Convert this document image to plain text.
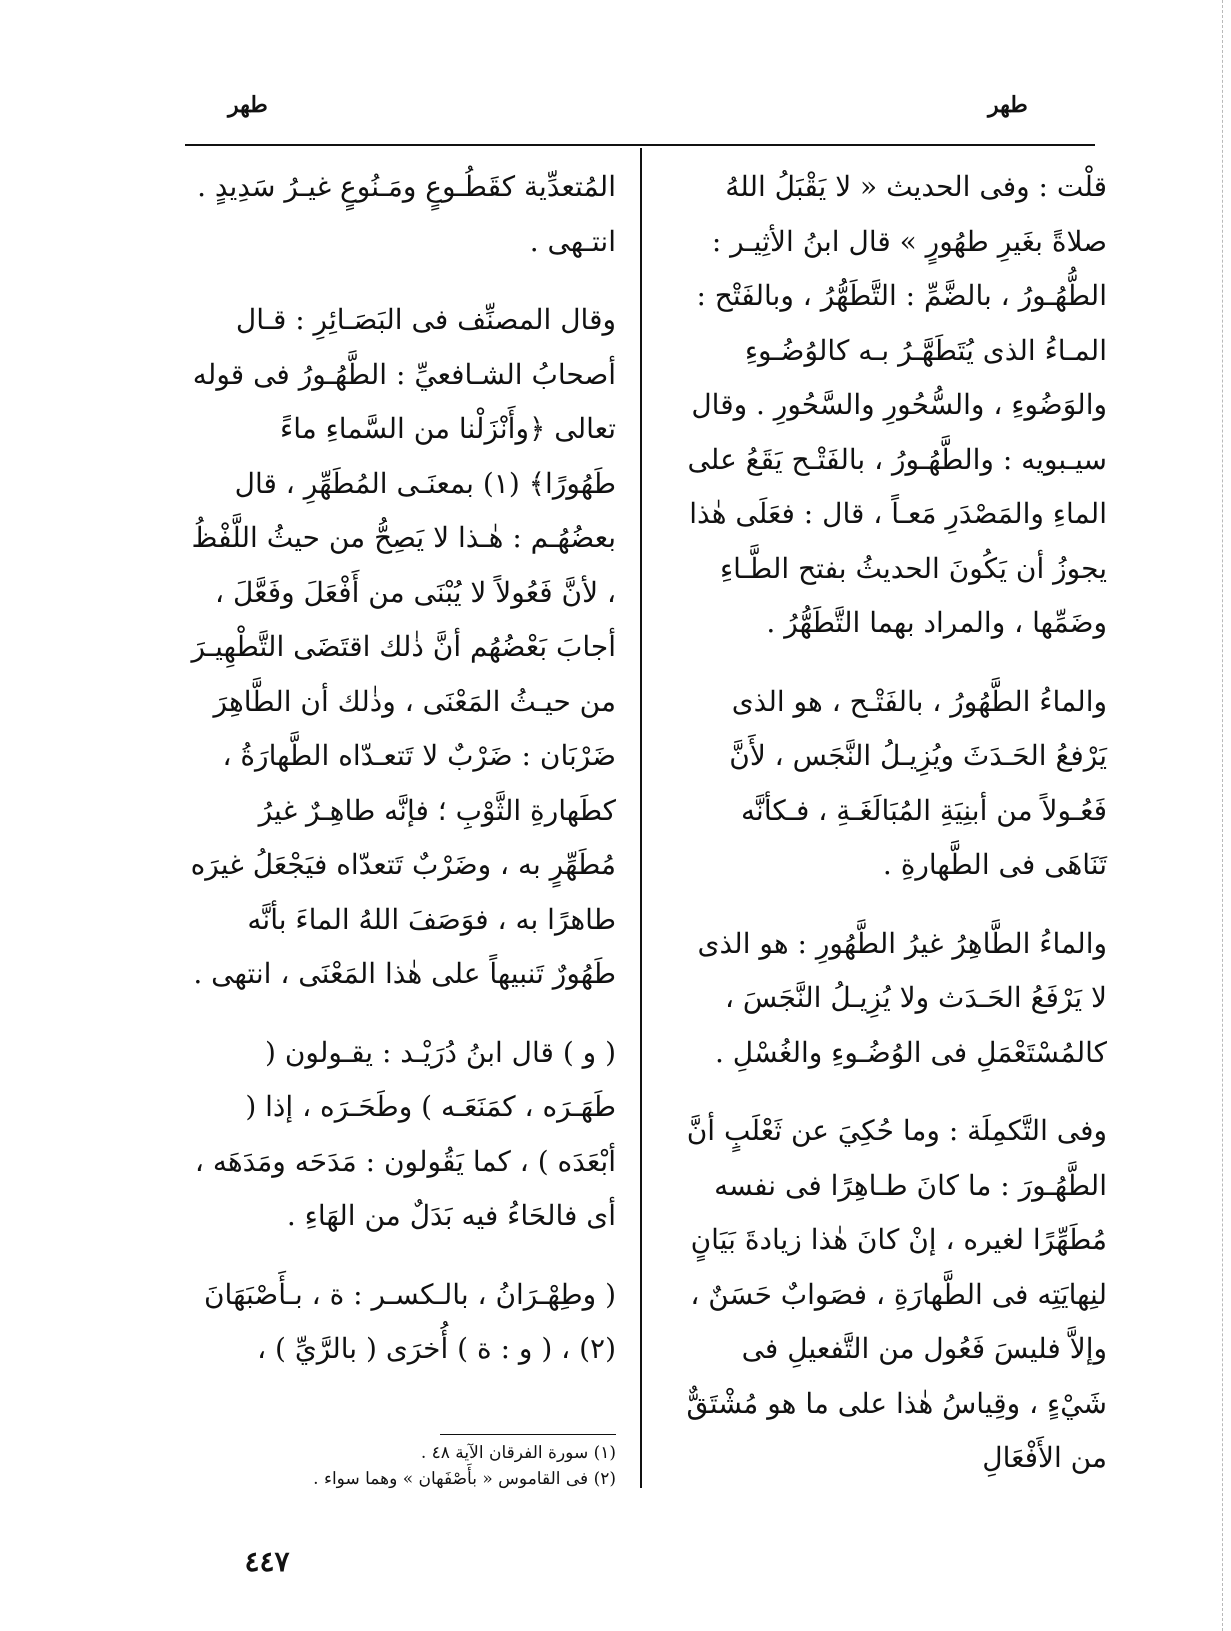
طهر
طهر

قلْت : وفى الحديث « لا يَقْبَلُ اللهُ صلاةً بغَيرِ طهُورٍ » قال ابنُ الأثِيـر : الطُّهُـورُ ، بالضَّمِّ : التَّطَهُّرُ ، وبالفَتْح : المـاءُ الذى يُتَطَهَّـرُ بـه كالوُضُـوءِ والوَضُوءِ ، والسُّحُورِ والسَّحُورِ . وقال سيـبويه : والطَّهُـورُ ، بالفَتْـح يَقَعُ على الماءِ والمَصْدَرِ مَعـاً ، قال : فعَلَى هٰذا يجوزُ أن يَكُونَ الحديثُ بفتح الطَّـاءِ وضَمِّها ، والمراد بهما التَّطَهُّرُ .

والماءُ الطَّهُورُ ، بالفَتْـح ، هو الذى يَرْفعُ الحَـدَثَ ويُزِيـلُ النَّجَس ، لأَنَّ فَعُـولاً من أبنِيَةِ المُبَالَغَـةِ ، فـكأنَّه تَنَاهَى فى الطَّهارةِ .

والماءُ الطَّاهِرُ غيرُ الطَّهُورِ : هو الذى لا يَرْفَعُ الحَـدَث ولا يُزِيـلُ النَّجَسَ ، كالمُسْتَعْمَلِ فى الوُضُـوءِ والغُسْلِ .

وفى التَّكمِلَة : وما حُكِيَ عن ثَعْلَبٍ أنَّ الطَّهُـورَ : ما كانَ طـاهِرًا فى نفسه مُطَهِّرًا لغيره ، إنْ كانَ هٰذا زيادةَ بَيَانٍ لنِهايَتِه فى الطَّهارَةِ ، فصَوابٌ حَسَنٌ ، وإلاَّ فليسَ فَعُول من التَّفعيلِ فى شَيْءٍ ، وقِياسُ هٰذا على ما هو مُشْتَقٌّ من الأَفْعَالِ

المُتعدِّية كقَطُـوعٍ ومَـنُوعٍ غيـرُ سَدِيدٍ . انتـهى .

وقال المصنِّف فى البَصَـائِرِ : قـال أصحابُ الشـافعيِّ : الطَّهُـورُ فى قوله تعالى ﴿وأَنْزَلْنا من السَّماءِ ماءً طَهُورًا﴾ (١) بمعنَـى المُطَهِّرِ ، قال بعضُهُـم : هٰـذا لا يَصِحُّ من حيثُ اللَّفْظُ ، لأنَّ فَعُولاً لا يُبْنَى من أَفْعَلَ وفَعَّلَ ، أجابَ بَعْضُهُم أنَّ ذٰلك اقتَضَى التَّطْهِيـرَ من حيـثُ المَعْنَى ، وذٰلك أن الطَّاهِرَ ضَرْبَان : ضَرْبٌ لا تَتعـدّاه الطَّهارَةُ ، كطَهارةِ الثَّوْبِ ؛ فإنَّه طاهِـرٌ غيرُ مُطَهِّرٍ به ، وضَرْبٌ تَتعدّاه فيَجْعَلُ غيرَه طاهرًا به ، فوَصَفَ اللهُ الماءَ بأنَّه طَهُورٌ تَنبيهاً على هٰذا المَعْنَى ، انتهى .

( و ) قال ابنُ دُرَيْـد : يقـولون ( طَهَـرَه ، كمَنَعَـه ) وطَحَـرَه ، إذا ( أبْعَدَه ) ، كما يَقُولون : مَدَحَه ومَدَهَه ، أى فالحَاءُ فيه بَدَلٌ من الهَاءِ .

( وطِهْـرَانُ ، بالـكسـر : ة ، بـأَصْبَهَانَ (٢) ، ( و : ة ) أُخرَى ( بالرَّيِّ ) ،

(١) سورة الفرقان الآية ٤٨ .

(٢) فى القاموس « بأَصْفَهان » وهما سواء .

٤٤٧
